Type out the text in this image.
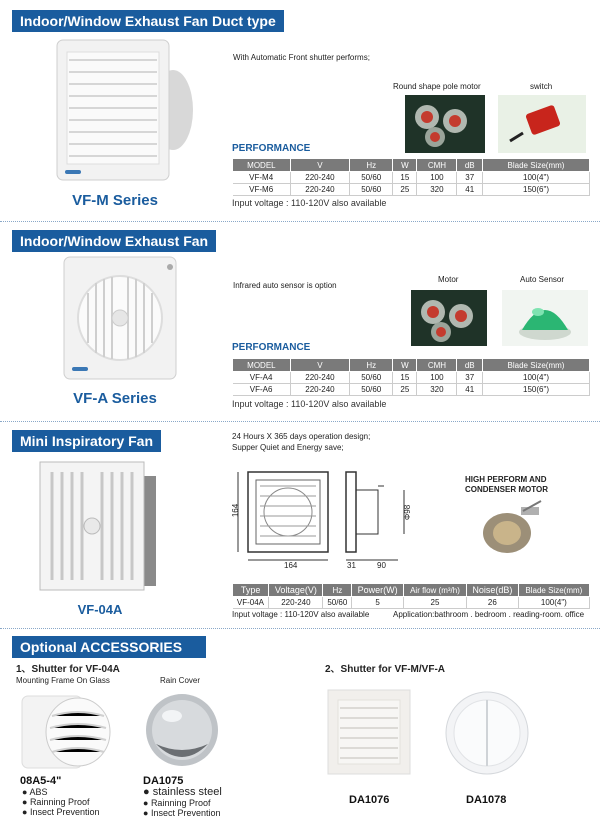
Indoor/Window Exhaust Fan Duct type
VF-M Series
With Automatic Front shutter performs;
Round shape pole motor	switch
PERFORMANCE
MODEL	V	Hz	W	CMH	dB	Blade Size(mm)
VF-M4	220-240	50/60	15	100	37	100(4")
VF-M6	220-240	50/60	25	320	41	150(6")
Input voltage : 110-120V also available
Indoor/Window Exhaust Fan
VF-A Series
Infrared auto sensor is option
Motor	Auto Sensor
PERFORMANCE
MODEL	V	Hz	W	CMH	dB	Blade Size(mm)
VF-A4	220-240	50/60	15	100	37	100(4")
VF-A6	220-240	50/60	25	320	41	150(6")
Input voltage : 110-120V also available
Mini Inspiratory Fan
VF-04A
24 Hours X 365 days operation design;
Supper Quiet and Energy save;
164
164	31	90
Φ98
HIGH PERFORM AND
CONDENSER MOTOR
Type	Voltage(V)	Hz	Power(W)	Air flow (m³/h)	Noise(dB)	Blade Size(mm)
VF-04A	220-240	50/60	5	25	26	100(4")
Input voltage : 110-120V also available	Application:bathroom . bedroom . reading-room. office
Optional ACCESSORIES
1、Shutter for VF-04A
Mounting Frame On Glass	Rain Cover
2、Shutter for VF-M/VF-A
08A5-4"
● ABS
● Rainning Proof
● Insect Prevention
DA1075
● stainless steel
● Rainning Proof
● Insect Prevention
DA1076	DA1078
